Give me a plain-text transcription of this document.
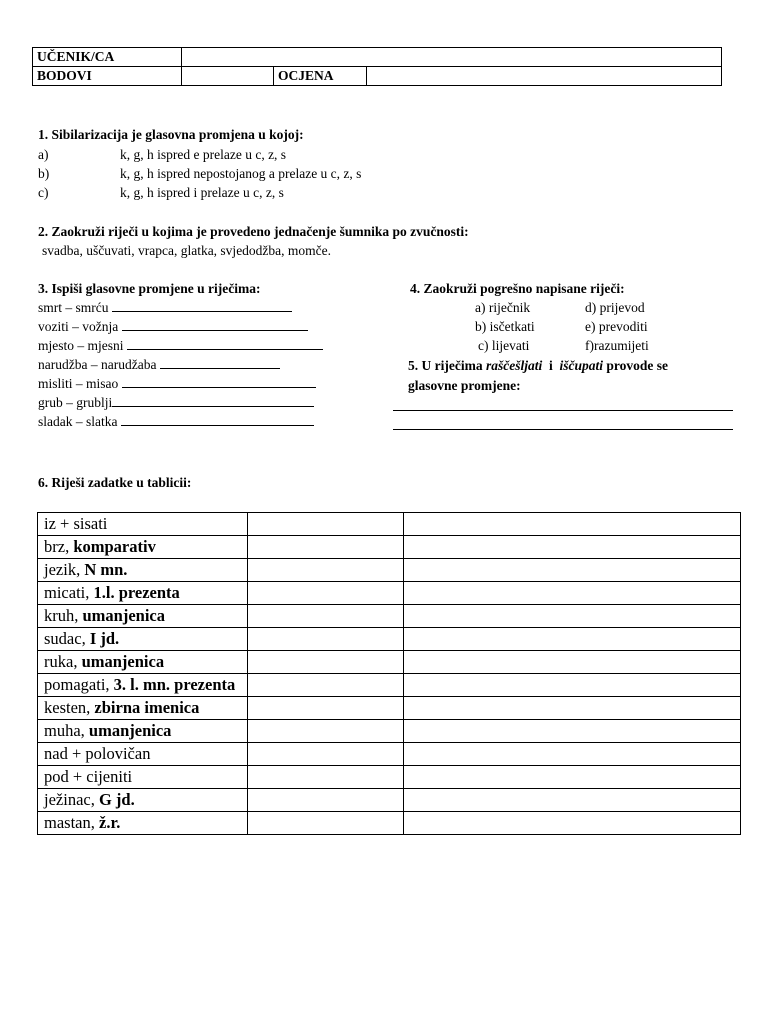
UČENIK/CA			
BODOVI		OCJENA	
1. Sibilarizacija je glasovna promjena u kojoj:
a)	k, g, h ispred e prelaze u c, z, s
b)	k, g, h ispred nepostojanog a prelaze u c, z, s
c)	k, g, h ispred i prelaze u c, z, s
2. Zaokruži riječi u kojima je provedeno jednačenje šumnika po zvučnosti:
svadba, uščuvati, vrapca, glatka, svjedodžba, momče.
3. Ispiši glasovne promjene u riječima:
smrt – smrću
voziti – vožnja
mjesto – mjesni
narudžba – narudžaba
misliti – misao
grub – grublji
sladak – slatka
4. Zaokruži pogrešno napisane riječi:
a) riječnik
b) isčetkati
c) lijevati
d) prijevod
e) prevoditi
f)razumijeti
5. U riječima raščešljati i iščupati provode se
glasovne promjene:
6. Riješi zadatke u tablicii:
iz + sisati		
brz, komparativ		
jezik, N mn.		
micati, 1.l. prezenta		
kruh, umanjenica		
sudac, I jd.		
ruka, umanjenica		
pomagati, 3. l. mn. prezenta		
kesten, zbirna imenica		
muha, umanjenica		
nad + polovičan		
pod + cijeniti		
ježinac, G jd.		
mastan, ž.r.		
